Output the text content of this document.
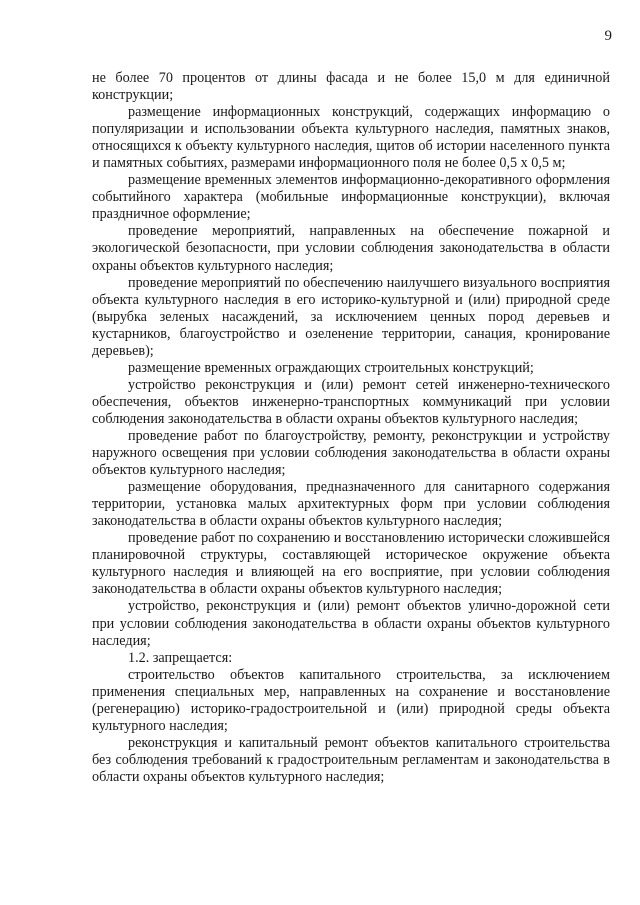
9

не более 70 процентов от длины фасада и не более 15,0 м для единичной конструкции;

размещение информационных конструкций, содержащих информацию о популяризации и использовании объекта культурного наследия, памятных знаков, относящихся к объекту культурного наследия, щитов об истории населенного пункта и памятных событиях, размерами информационного поля не более 0,5 х 0,5 м;

размещение временных элементов информационно-декоративного оформления событийного характера (мобильные информационные конструкции), включая праздничное оформление;

проведение мероприятий, направленных на обеспечение пожарной и экологической безопасности, при условии соблюдения законодательства в области охраны объектов культурного наследия;

проведение мероприятий по обеспечению наилучшего визуального восприятия объекта культурного наследия в его историко-культурной и (или) природной среде (вырубка зеленых насаждений, за исключением ценных пород деревьев и кустарников, благоустройство и озеленение территории, санация, кронирование деревьев);

размещение временных ограждающих строительных конструкций;

устройство реконструкция и (или) ремонт сетей инженерно-технического обеспечения, объектов инженерно-транспортных коммуникаций при условии соблюдения законодательства в области охраны объектов культурного наследия;

проведение работ по благоустройству, ремонту, реконструкции и устройству наружного освещения при условии соблюдения законодательства в области охраны объектов культурного наследия;

размещение оборудования, предназначенного для санитарного содержания территории, установка малых архитектурных форм при условии соблюдения законодательства в области охраны объектов культурного наследия;

проведение работ по сохранению и восстановлению исторически сложившейся планировочной структуры, составляющей историческое окружение объекта культурного наследия и влияющей на его восприятие, при условии соблюдения законодательства в области охраны объектов культурного наследия;

устройство, реконструкция и (или) ремонт объектов улично-дорожной сети при условии соблюдения законодательства в области охраны объектов культурного наследия;

1.2. запрещается:

строительство объектов капитального строительства, за исключением применения специальных мер, направленных на сохранение и восстановление (регенерацию) историко-градостроительной и (или) природной среды объекта культурного наследия;

реконструкция и капитальный ремонт объектов капитального строительства без соблюдения требований к градостроительным регламентам и законодательства в области охраны объектов культурного наследия;
